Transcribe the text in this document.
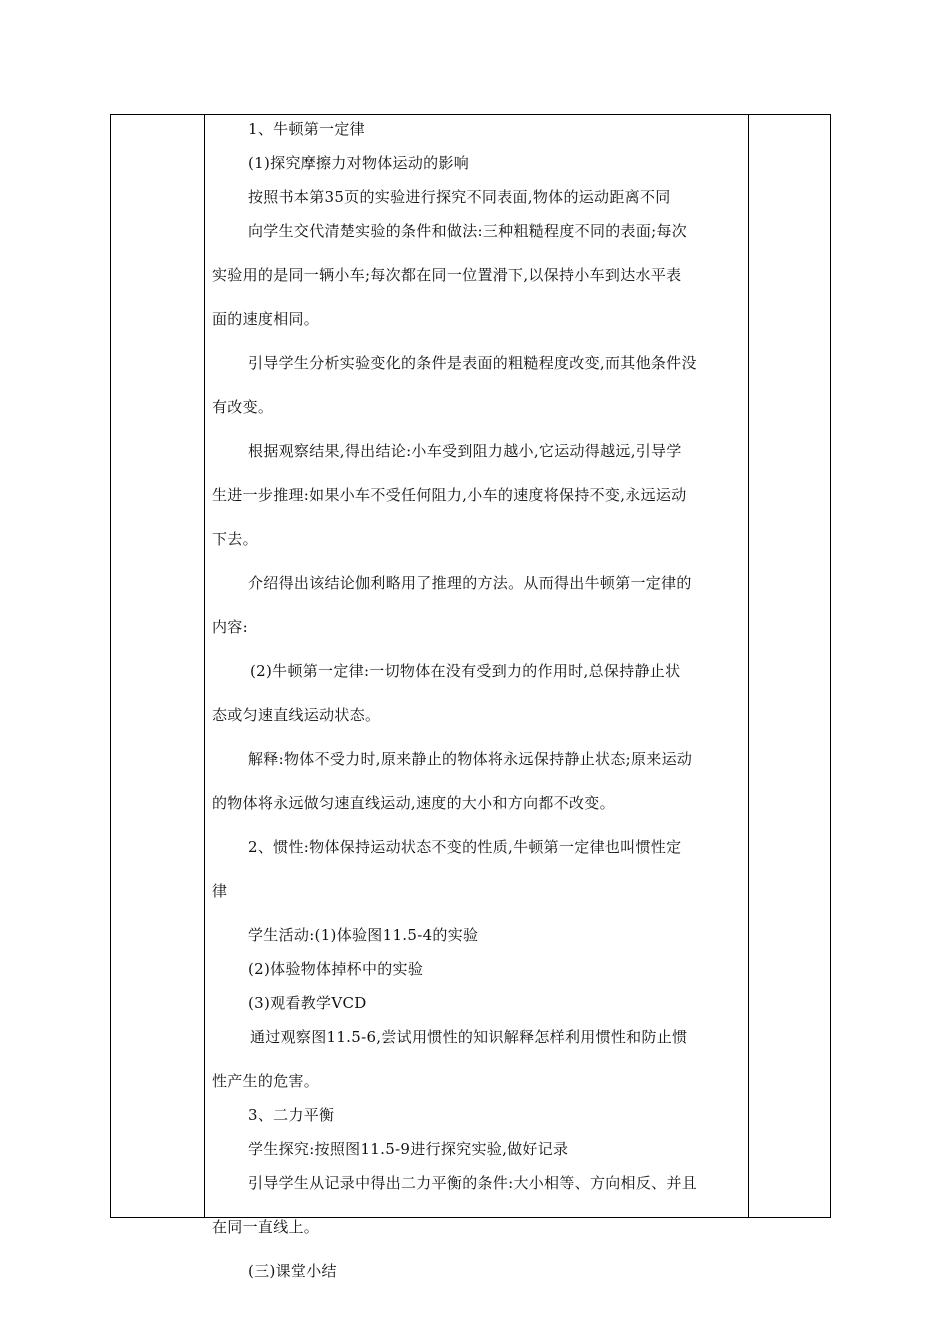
1、牛顿第一定律
(1)探究摩擦力对物体运动的影响
按照书本第35页的实验进行探究不同表面,物体的运动距离不同
向学生交代清楚实验的条件和做法:三种粗糙程度不同的表面;每次
实验用的是同一辆小车;每次都在同一位置滑下,以保持小车到达水平表
面的速度相同。
引导学生分析实验变化的条件是表面的粗糙程度改变,而其他条件没
有改变。
根据观察结果,得出结论:小车受到阻力越小,它运动得越远,引导学
生进一步推理:如果小车不受任何阻力,小车的速度将保持不变,永远运动
下去。
介绍得出该结论伽利略用了推理的方法。从而得出牛顿第一定律的
内容:
(2)牛顿第一定律:一切物体在没有受到力的作用时,总保持静止状
态或匀速直线运动状态。
解释:物体不受力时,原来静止的物体将永远保持静止状态;原来运动
的物体将永远做匀速直线运动,速度的大小和方向都不改变。
2、惯性:物体保持运动状态不变的性质,牛顿第一定律也叫惯性定
律
学生活动:(1)体验图11.5-4的实验
(2)体验物体掉杯中的实验
(3)观看教学VCD
通过观察图11.5-6,尝试用惯性的知识解释怎样利用惯性和防止惯
性产生的危害。
3、二力平衡
学生探究:按照图11.5-9进行探究实验,做好记录
引导学生从记录中得出二力平衡的条件:大小相等、方向相反、并且
在同一直线上。
(三)课堂小结
